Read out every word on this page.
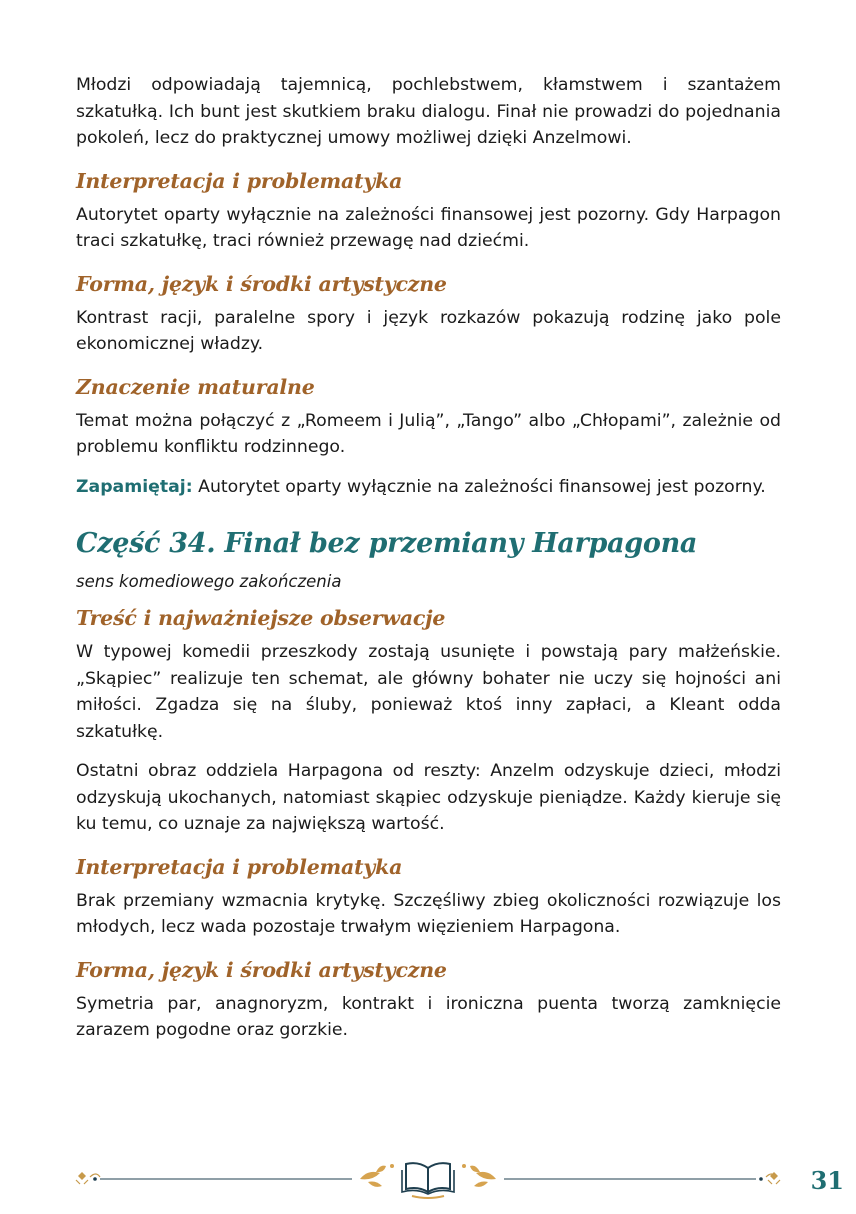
Młodzi odpowiadają tajemnicą, pochlebstwem, kłamstwem i szantażem szkatułką. Ich bunt jest skutkiem braku dialogu. Finał nie prowadzi do pojednania pokoleń, lecz do praktycznej umowy możliwej dzięki Anzelmowi.

Interpretacja i problematyka

Autorytet oparty wyłącznie na zależności finansowej jest pozorny. Gdy Harpagon traci szkatułkę, traci również przewagę nad dziećmi.

Forma, język i środki artystyczne

Kontrast racji, paralelne spory i język rozkazów pokazują rodzinę jako pole ekonomicznej władzy.

Znaczenie maturalne

Temat można połączyć z „Romeem i Julią”, „Tango” albo „Chłopami”, zależnie od problemu konfliktu rodzinnego.

Zapamiętaj: Autorytet oparty wyłącznie na zależności finansowej jest pozorny.

Część 34. Finał bez przemiany Harpagona

sens komediowego zakończenia

Treść i najważniejsze obserwacje

W typowej komedii przeszkody zostają usunięte i powstają pary małżeńskie. „Skąpiec” realizuje ten schemat, ale główny bohater nie uczy się hojności ani miłości. Zgadza się na śluby, ponieważ ktoś inny zapłaci, a Kleant odda szkatułkę.

Ostatni obraz oddziela Harpagona od reszty: Anzelm odzyskuje dzieci, młodzi odzyskują ukochanych, natomiast skąpiec odzyskuje pieniądze. Każdy kieruje się ku temu, co uznaje za największą wartość.

Interpretacja i problematyka

Brak przemiany wzmacnia krytykę. Szczęśliwy zbieg okoliczności rozwiązuje los młodych, lecz wada pozostaje trwałym więzieniem Harpagona.

Forma, język i środki artystyczne

Symetria par, anagnoryzm, kontrakt i ironiczna puenta tworzą zamknięcie zarazem pogodne oraz gorzkie.

31
